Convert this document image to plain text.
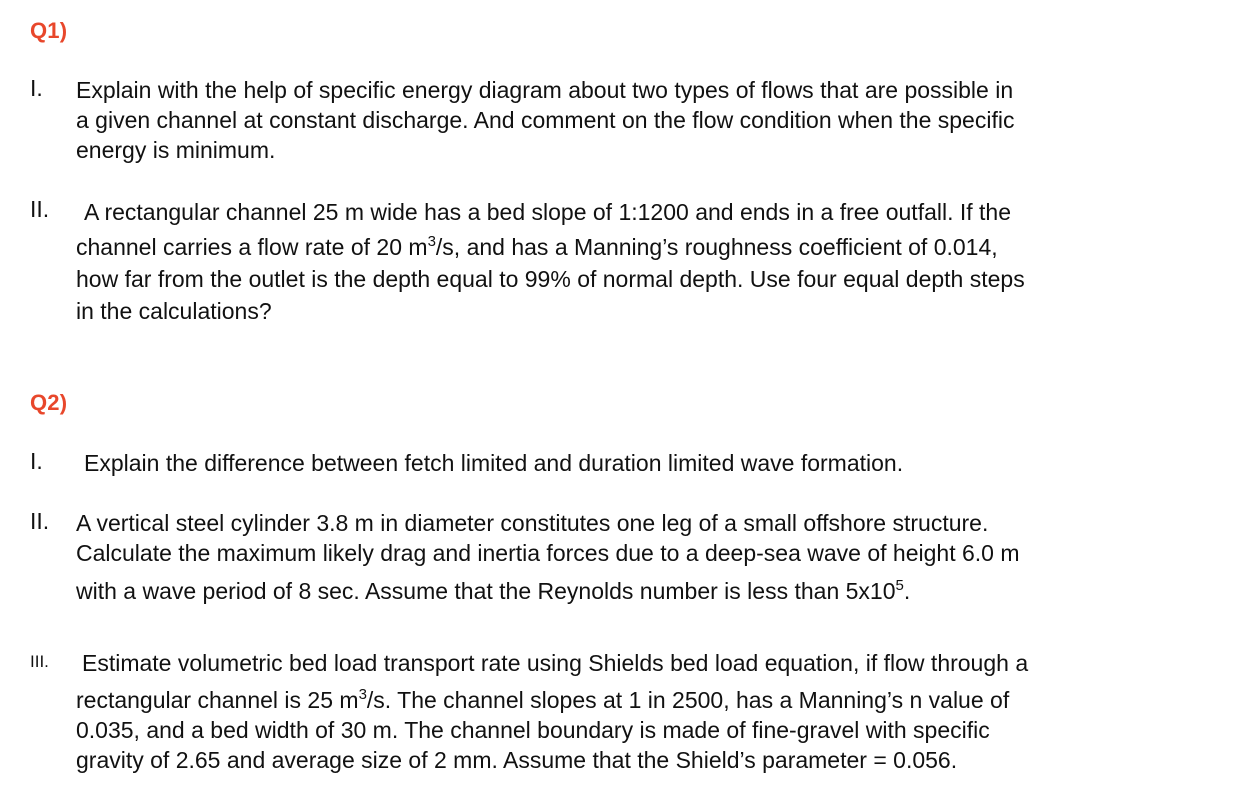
Q1)
I. Explain with the help of specific energy diagram about two types of flows that are possible in
a given channel at constant discharge. And comment on the flow condition when the specific
energy is minimum.
II. A rectangular channel 25 m wide has a bed slope of 1:1200 and ends in a free outfall. If the
channel carries a flow rate of 20 $m^3/s$, and has a Manning’s roughness coefficient of 0.014,
how far from the outlet is the depth equal to 99% of normal depth. Use four equal depth steps
in the calculations?
Q2)
I. Explain the difference between fetch limited and duration limited wave formation.
II. A vertical steel cylinder 3.8 m in diameter constitutes one leg of a small offshore structure.
Calculate the maximum likely drag and inertia forces due to a deep-sea wave of height 6.0 m
with a wave period of 8 sec. Assume that the Reynolds number is less than $5x10^5$.
III. Estimate volumetric bed load transport rate using Shields bed load equation, if flow through a
rectangular channel is 25 $m^3/s$. The channel slopes at 1 in 2500, has a Manning’s n value of
0.035, and a bed width of 30 m. The channel boundary is made of fine-gravel with specific
gravity of 2.65 and average size of 2 mm. Assume that the Shield’s parameter = 0.056.
